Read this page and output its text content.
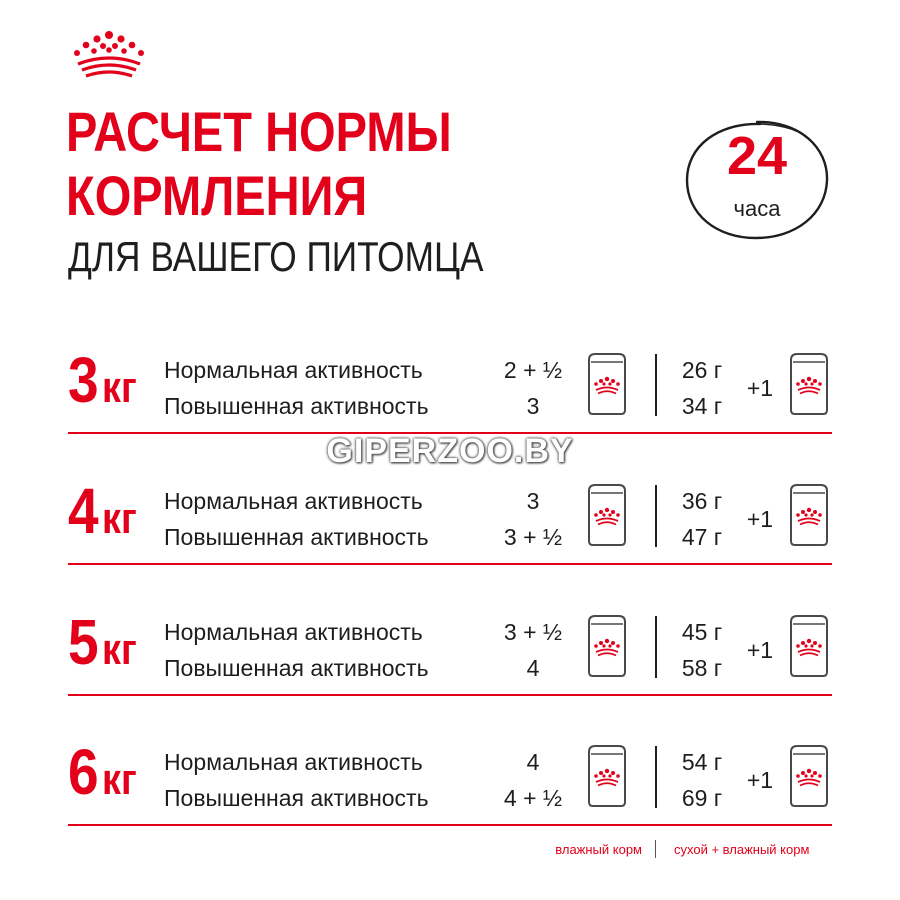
РАСЧЕТ НОРМЫ
КОРМЛЕНИЯ
ДЛЯ ВАШЕГО ПИТОМЦА
24
часа
3кг Нормальная активность
Повышенная активность
2 + ½
3
26 г
34 г
+1
4кг Нормальная активность
Повышенная активность
3
3 + ½
36 г
47 г
+1
5кг Нормальная активность
Повышенная активность
3 + ½
4
45 г
58 г
+1
6кг Нормальная активность
Повышенная активность
4
4 + ½
54 г
69 г
+1
GIPERZOO.BY
влажный корм сухой + влажный корм
